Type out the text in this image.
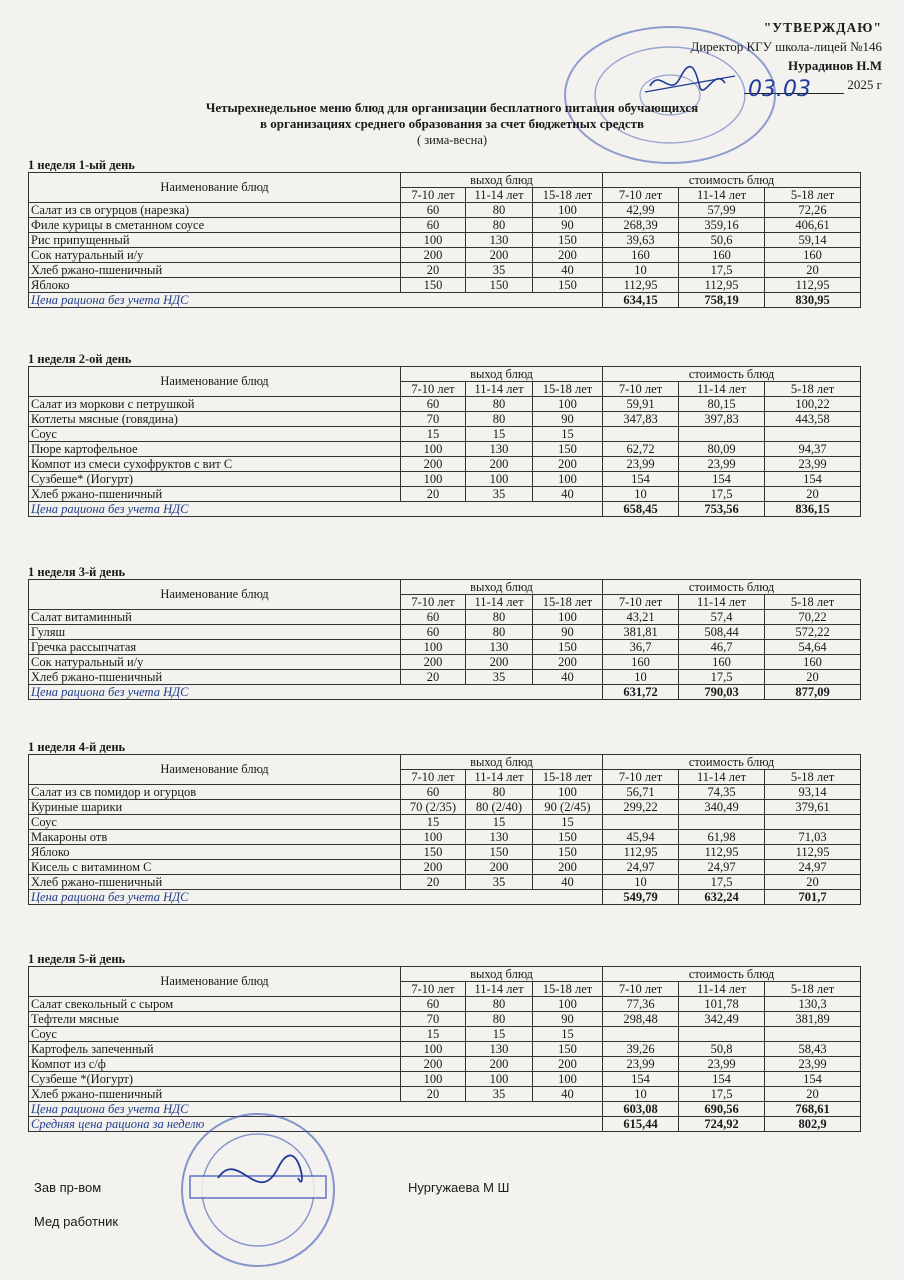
"УТВЕРЖДАЮ"
Директор КГУ школа-лицей №146
Нурадинов Н.М
2025 г
03.03
Четырехнедельное меню блюд для организации бесплатного питания обучающихся
в организациях среднего образования за счет бюджетных средств
( зима-весна)
1 неделя 1-ый день
Наименование блюд	выход блюд			стоимость блюд		
	7-10 лет	11-14 лет	15-18 лет	7-10 лет	11-14 лет	5-18 лет
Салат из св огурцов (нарезка)	60	80	100	42,99	57,99	72,26
Филе курицы в сметанном соусе	60	80	90	268,39	359,16	406,61
Рис припущенный	100	130	150	39,63	50,6	59,14
Сок натуральный и/у	200	200	200	160	160	160
Хлеб ржано-пшеничный	20	35	40	10	17,5	20
Яблоко	150	150	150	112,95	112,95	112,95
Цена рациона без учета НДС				634,15	758,19	830,95
1 неделя 2-ой день
Наименование блюд	выход блюд			стоимость блюд		
	7-10 лет	11-14 лет	15-18 лет	7-10 лет	11-14 лет	5-18 лет
Салат из моркови с петрушкой	60	80	100	59,91	80,15	100,22
Котлеты мясные (говядина)	70	80	90	347,83	397,83	443,58
Соус	15	15	15			
Пюре картофельное	100	130	150	62,72	80,09	94,37
Компот из смеси сухофруктов с вит С	200	200	200	23,99	23,99	23,99
Сузбеше* (Иогурт)	100	100	100	154	154	154
Хлеб ржано-пшеничный	20	35	40	10	17,5	20
Цена рациона без учета НДС				658,45	753,56	836,15
1 неделя 3-й день
Наименование блюд	выход блюд			стоимость блюд		
	7-10 лет	11-14 лет	15-18 лет	7-10 лет	11-14 лет	5-18 лет
Салат витаминный	60	80	100	43,21	57,4	70,22
Гуляш	60	80	90	381,81	508,44	572,22
Гречка рассыпчатая	100	130	150	36,7	46,7	54,64
Сок натуральный и/у	200	200	200	160	160	160
Хлеб ржано-пшеничный	20	35	40	10	17,5	20
Цена рациона без учета НДС				631,72	790,03	877,09
1 неделя 4-й день
Наименование блюд	выход блюд			стоимость блюд		
	7-10 лет	11-14 лет	15-18 лет	7-10 лет	11-14 лет	5-18 лет
Салат из св помидор и огурцов	60	80	100	56,71	74,35	93,14
Куриные шарики	70 (2/35)	80 (2/40)	90 (2/45)	299,22	340,49	379,61
Соус	15	15	15			
Макароны отв	100	130	150	45,94	61,98	71,03
Яблоко	150	150	150	112,95	112,95	112,95
Кисель с витамином С	200	200	200	24,97	24,97	24,97
Хлеб ржано-пшеничный	20	35	40	10	17,5	20
Цена рациона без учета НДС				549,79	632,24	701,7
1 неделя 5-й день
Наименование блюд	выход блюд			стоимость блюд		
	7-10 лет	11-14 лет	15-18 лет	7-10 лет	11-14 лет	5-18 лет
Салат свекольный с сыром	60	80	100	77,36	101,78	130,3
Тефтели мясные	70	80	90	298,48	342,49	381,89
Соус	15	15	15			
Картофель запеченный	100	130	150	39,26	50,8	58,43
Компот из с/ф	200	200	200	23,99	23,99	23,99
Сузбеше *(Иогурт)	100	100	100	154	154	154
Хлеб ржано-пшеничный	20	35	40	10	17,5	20
Цена рациона без учета НДС				603,08	690,56	768,61
Средняя цена рациона за неделю				615,44	724,92	802,9
Зав пр-вом	Нургужаева М Ш
Мед работник
